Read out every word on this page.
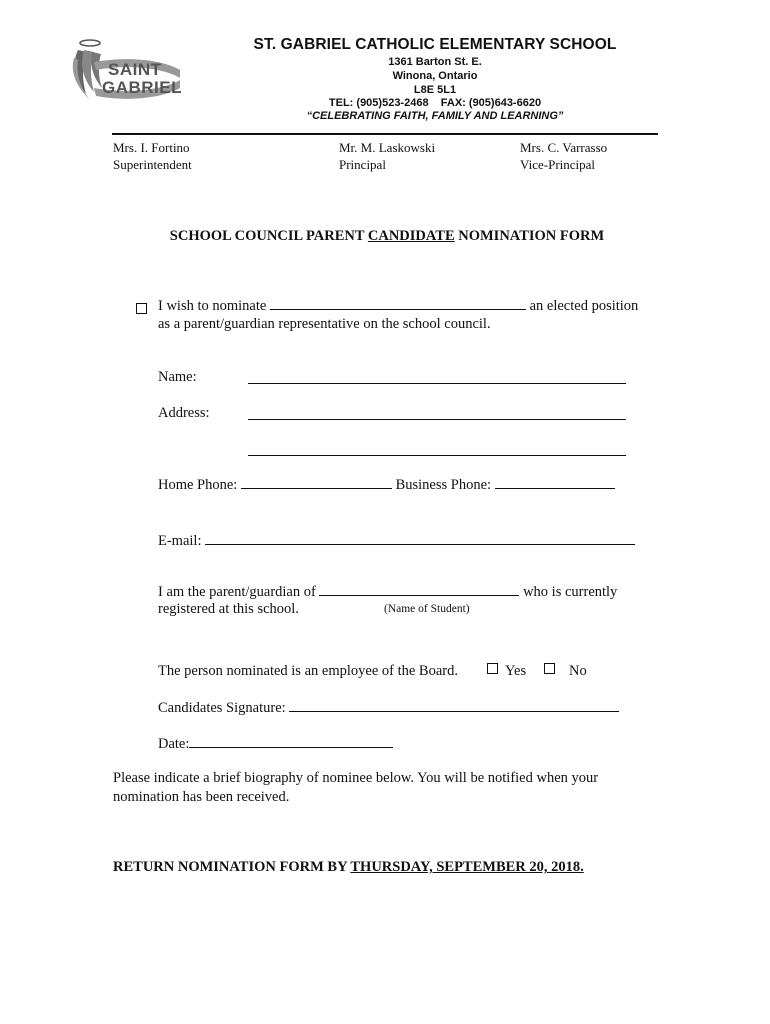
SAINT
GABRIEL
ST. GABRIEL CATHOLIC ELEMENTARY SCHOOL
1361 Barton St. E.
Winona, Ontario
L8E 5L1
TEL: (905)523-2468    FAX: (905)643-6620
“CELEBRATING FAITH, FAMILY AND LEARNING”
Mrs. I. Fortino
Superintendent
Mr. M. Laskowski
Principal
Mrs. C. Varrasso
Vice-Principal
SCHOOL COUNCIL PARENT CANDIDATE NOMINATION FORM
I wish to nominate	an elected position
as a parent/guardian representative on the school council.
Name:
Address:
Home Phone:	Business Phone:
E-mail:
I am the parent/guardian of	who is currently
registered at this school.	(Name of Student)
The person nominated is an employee of the Board.	Yes	No
Candidates Signature:
Date:
Please indicate a brief biography of nominee below. You will be notified when your
nomination has been received.
RETURN NOMINATION FORM BY THURSDAY, SEPTEMBER 20, 2018.
